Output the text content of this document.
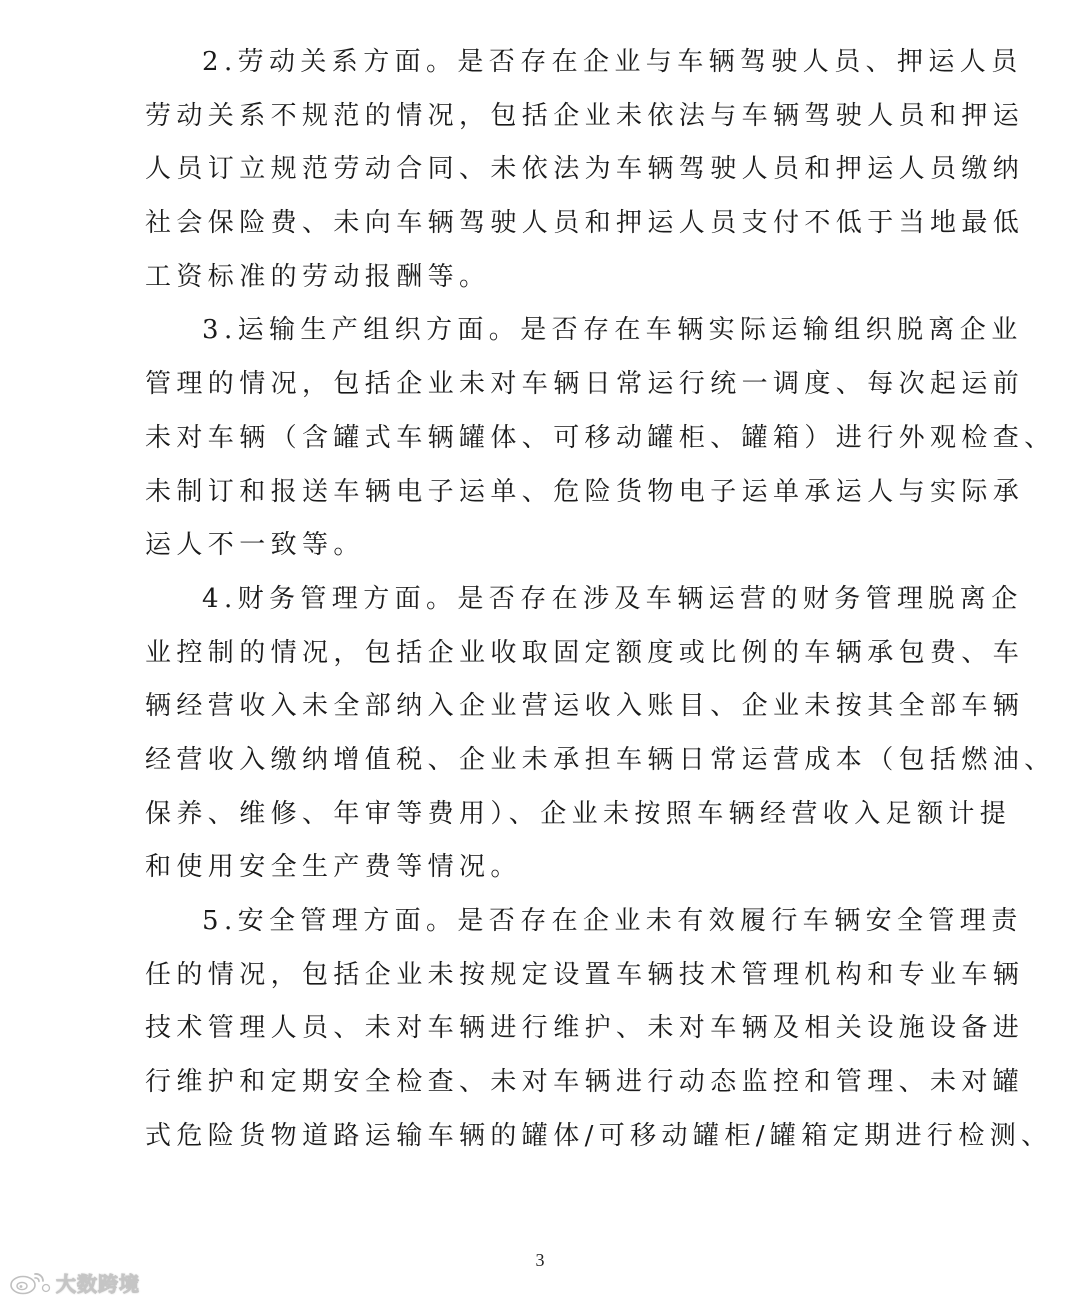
2.劳动关系方面。是否存在企业与车辆驾驶人员、押运人员
劳动关系不规范的情况，包括企业未依法与车辆驾驶人员和押运
人员订立规范劳动合同、未依法为车辆驾驶人员和押运人员缴纳
社会保险费、未向车辆驾驶人员和押运人员支付不低于当地最低
工资标准的劳动报酬等。
3.运输生产组织方面。是否存在车辆实际运输组织脱离企业
管理的情况，包括企业未对车辆日常运行统一调度、每次起运前
未对车辆（含罐式车辆罐体、可移动罐柜、罐箱）进行外观检查、
未制订和报送车辆电子运单、危险货物电子运单承运人与实际承
运人不一致等。
4.财务管理方面。是否存在涉及车辆运营的财务管理脱离企
业控制的情况，包括企业收取固定额度或比例的车辆承包费、车
辆经营收入未全部纳入企业营运收入账目、企业未按其全部车辆
经营收入缴纳增值税、企业未承担车辆日常运营成本（包括燃油、
保养、维修、年审等费用）、企业未按照车辆经营收入足额计提
和使用安全生产费等情况。
5.安全管理方面。是否存在企业未有效履行车辆安全管理责
任的情况，包括企业未按规定设置车辆技术管理机构和专业车辆
技术管理人员、未对车辆进行维护、未对车辆及相关设施设备进
行维护和定期安全检查、未对车辆进行动态监控和管理、未对罐
式危险货物道路运输车辆的罐体/可移动罐柜/罐箱定期进行检测、
3
大数跨境
